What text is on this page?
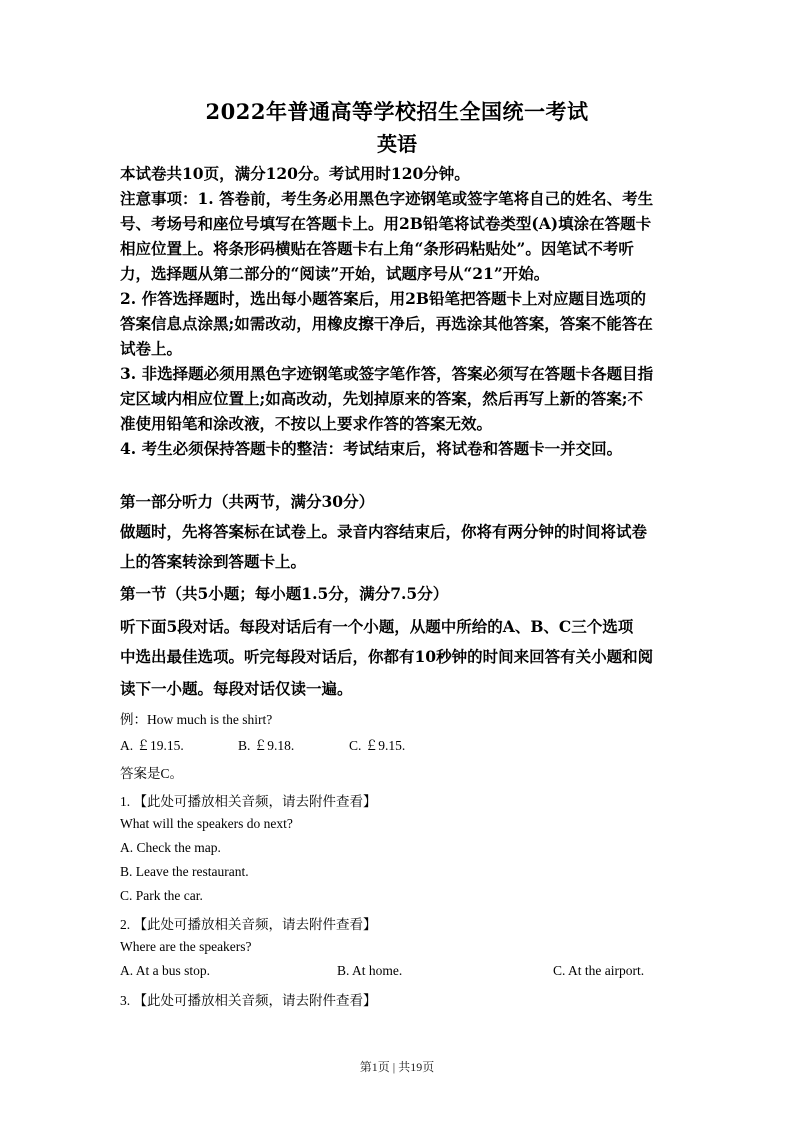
2022年普通高等学校招生全国统一考试
英语

本试卷共10页，满分120分。考试用时120分钟。

注意事项：1. 答卷前，考生务必用黑色字迹钢笔或签字笔将自己的姓名、考生

号、考场号和座位号填写在答题卡上。用2B铅笔将试卷类型(A)填涂在答题卡

相应位置上。将条形码横贴在答题卡右上角“条形码粘贴处”。因笔试不考听

力，选择题从第二部分的“阅读”开始，试题序号从“21”开始。

2. 作答选择题时，选出每小题答案后，用2B铅笔把答题卡上对应题目选项的

答案信息点涂黑;如需改动，用橡皮擦干净后，再选涂其他答案，答案不能答在

试卷上。

3. 非选择题必须用黑色字迹钢笔或签字笔作答，答案必须写在答题卡各题目指

定区域内相应位置上;如高改动，先划掉原来的答案，然后再写上新的答案;不

准使用铅笔和涂改液，不按以上要求作答的答案无效。

4. 考生必须保持答题卡的整洁：考试结束后，将试卷和答题卡一并交回。

第一部分听力（共两节，满分30分）

做题时，先将答案标在试卷上。录音内容结束后，你将有两分钟的时间将试卷

上的答案转涂到答题卡上。

第一节（共5小题；每小题1.5分，满分7.5分）

听下面5段对话。每段对话后有一个小题，从题中所给的A、B、C三个选项

中选出最佳选项。听完每段对话后，你都有10秒钟的时间来回答有关小题和阅

读下一小题。每段对话仅读一遍。

例：How much is the shirt?

A. ￡19.15.	B. ￡9.18.	C. ￡9.15.

答案是C。

1. 【此处可播放相关音频，请去附件查看】

What will the speakers do next?

A. Check the map.

B. Leave the restaurant.

C. Park the car.

2. 【此处可播放相关音频，请去附件查看】

Where are the speakers?

A. At a bus stop.	B. At home.	C. At the airport.

3. 【此处可播放相关音频，请去附件查看】

第1页 | 共19页
